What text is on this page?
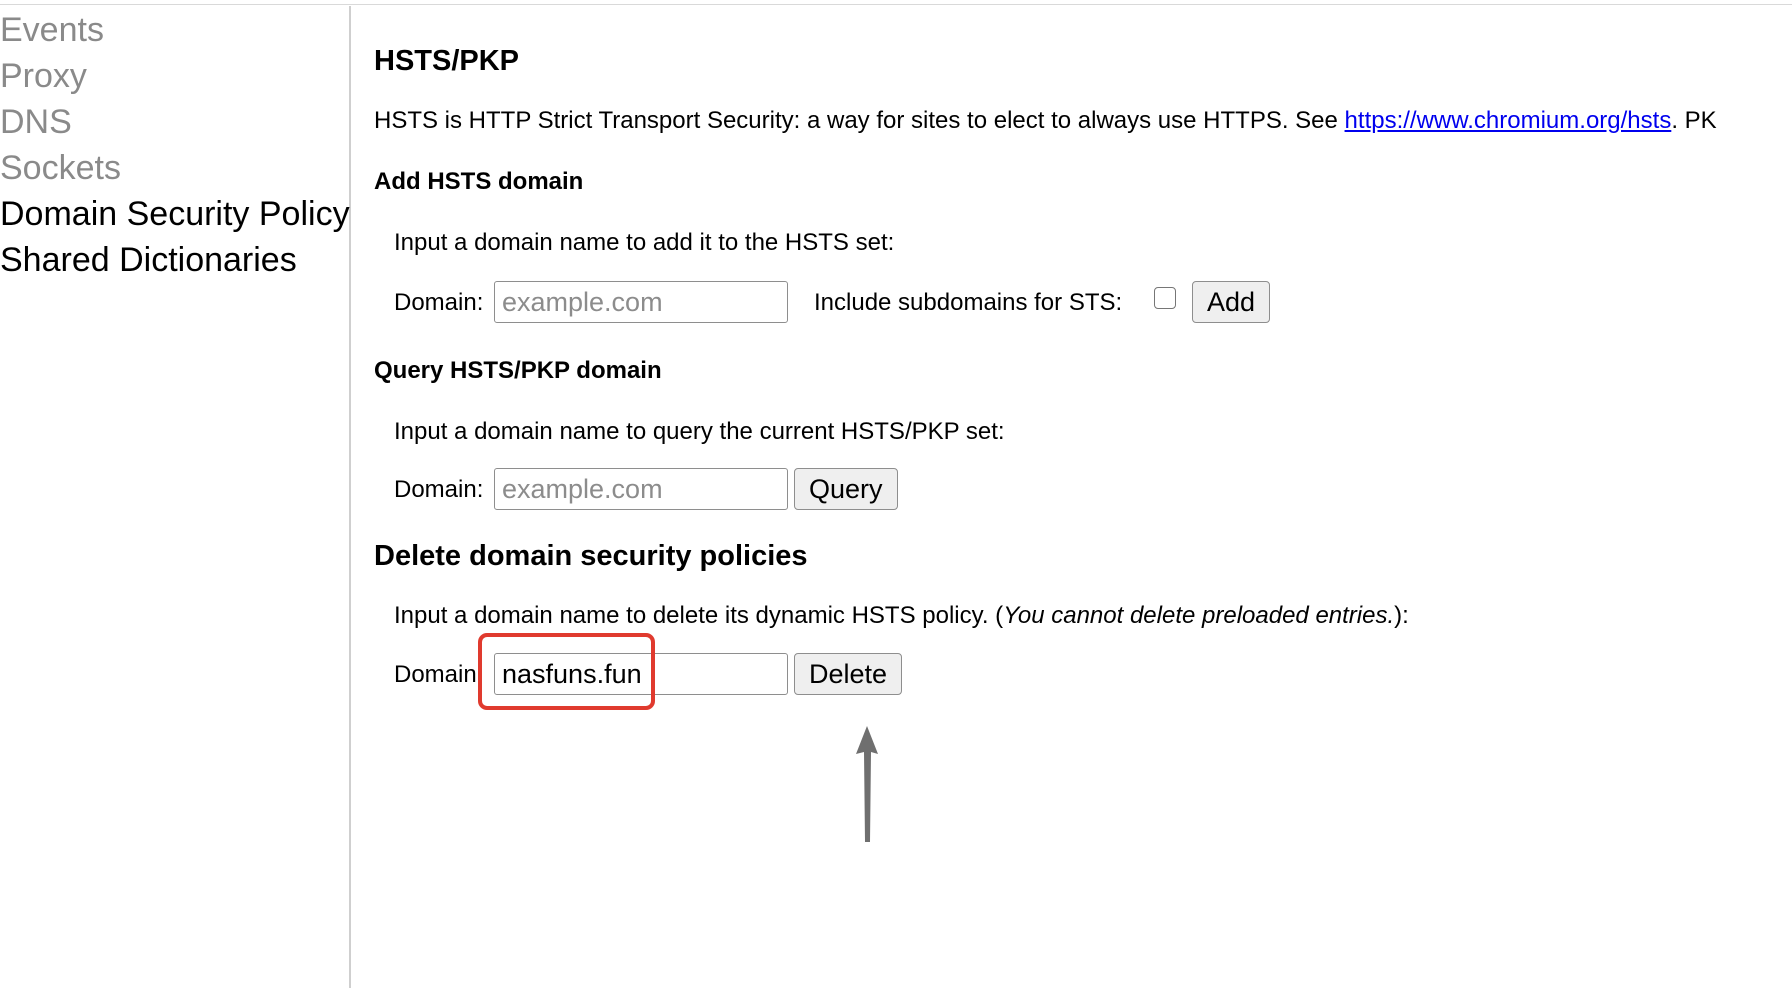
Events
Proxy
DNS
Sockets
Domain Security Policy
Shared Dictionaries
HSTS/PKP
HSTS is HTTP Strict Transport Security: a way for sites to elect to always use HTTPS. See https://www.chromium.org/hsts. PK
Add HSTS domain
Input a domain name to add it to the HSTS set:
Domain:
example.com	Include subdomains for STS:	Add
Query HSTS/PKP domain
Input a domain name to query the current HSTS/PKP set:
Domain:
example.com	Query
Delete domain security policies
Input a domain name to delete its dynamic HSTS policy. (You cannot delete preloaded entries.):
Domain:
nasfuns.fun	Delete
